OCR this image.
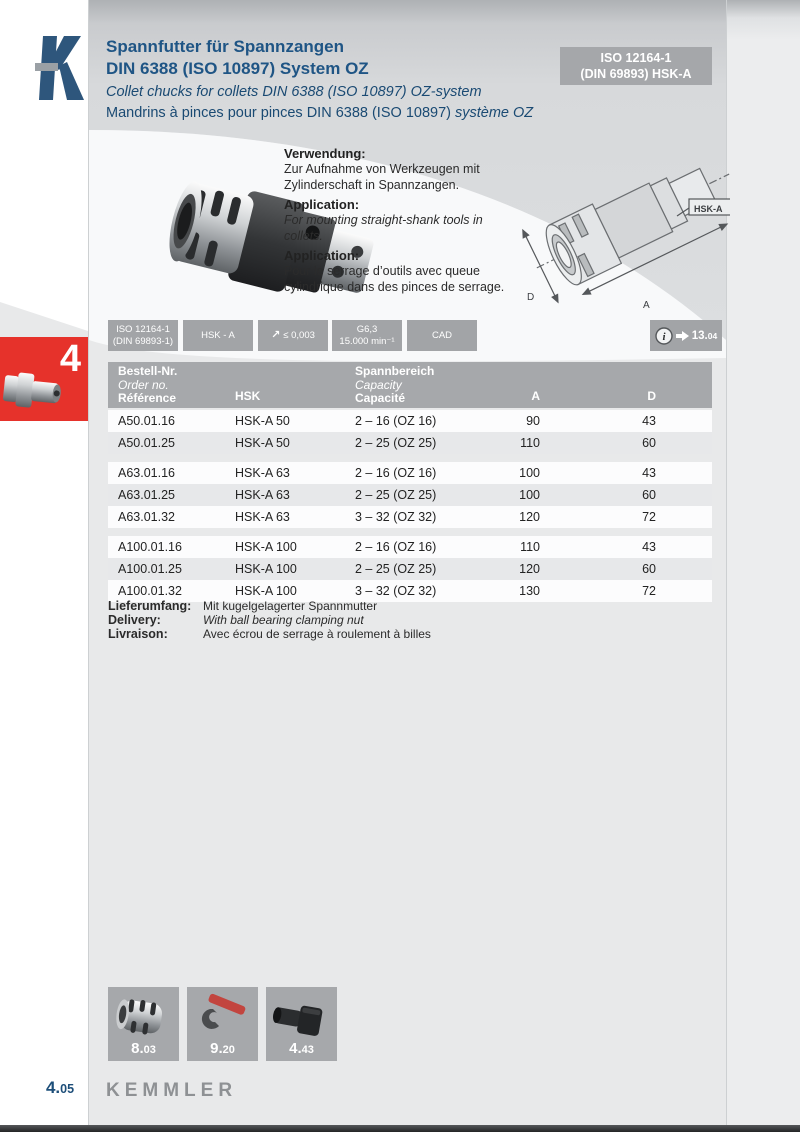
Spannfutter für Spannzangen
DIN 6388 (ISO 10897) System OZ
Collet chucks for collets DIN 6388 (ISO 10897) OZ-system
Mandrins à pinces pour pinces DIN 6388 (ISO 10897) système OZ
ISO 12164-1
(DIN 69893) HSK-A
Verwendung:
Zur Aufnahme von Werkzeugen mit
Zylinderschaft in Spannzangen.
Application:
For mounting straight-shank tools in collets.
Application:
Pour le serrage d’outils avec queue
cylindrique dans des pinces de serrage.
D
A
HSK-A
ISO 12164-1
(DIN 69893-1)
HSK - A	↗ ≤ 0,003
G6,3
15.000 min⁻¹
CAD	i 13.04
4	Bestell-Nr.
Order no.
Référence	HSK
Spannbereich
Capacity
Capacité	A	D
A50.01.16	HSK-A 50	2 – 16 (OZ 16)	90	43
A50.01.25	HSK-A 50	2 – 25 (OZ 25)	110	60
A63.01.16	HSK-A 63	2 – 16 (OZ 16)	100	43
A63.01.25	HSK-A 63	2 – 25 (OZ 25)	100	60
A63.01.32	HSK-A 63	3 – 32 (OZ 32)	120	72
A100.01.16	HSK-A 100	2 – 16 (OZ 16)	110	43
A100.01.25	HSK-A 100	2 – 25 (OZ 25)	120	60
A100.01.32	HSK-A 100	3 – 32 (OZ 32)	130	72
Lieferumfang: Mit kugelgelagerter Spannmutter
Delivery:	With ball bearing clamping nut
Livraison:	Avec écrou de serrage à roulement à billes
8.03	9.20	4.43
4.05	KEMMLER
